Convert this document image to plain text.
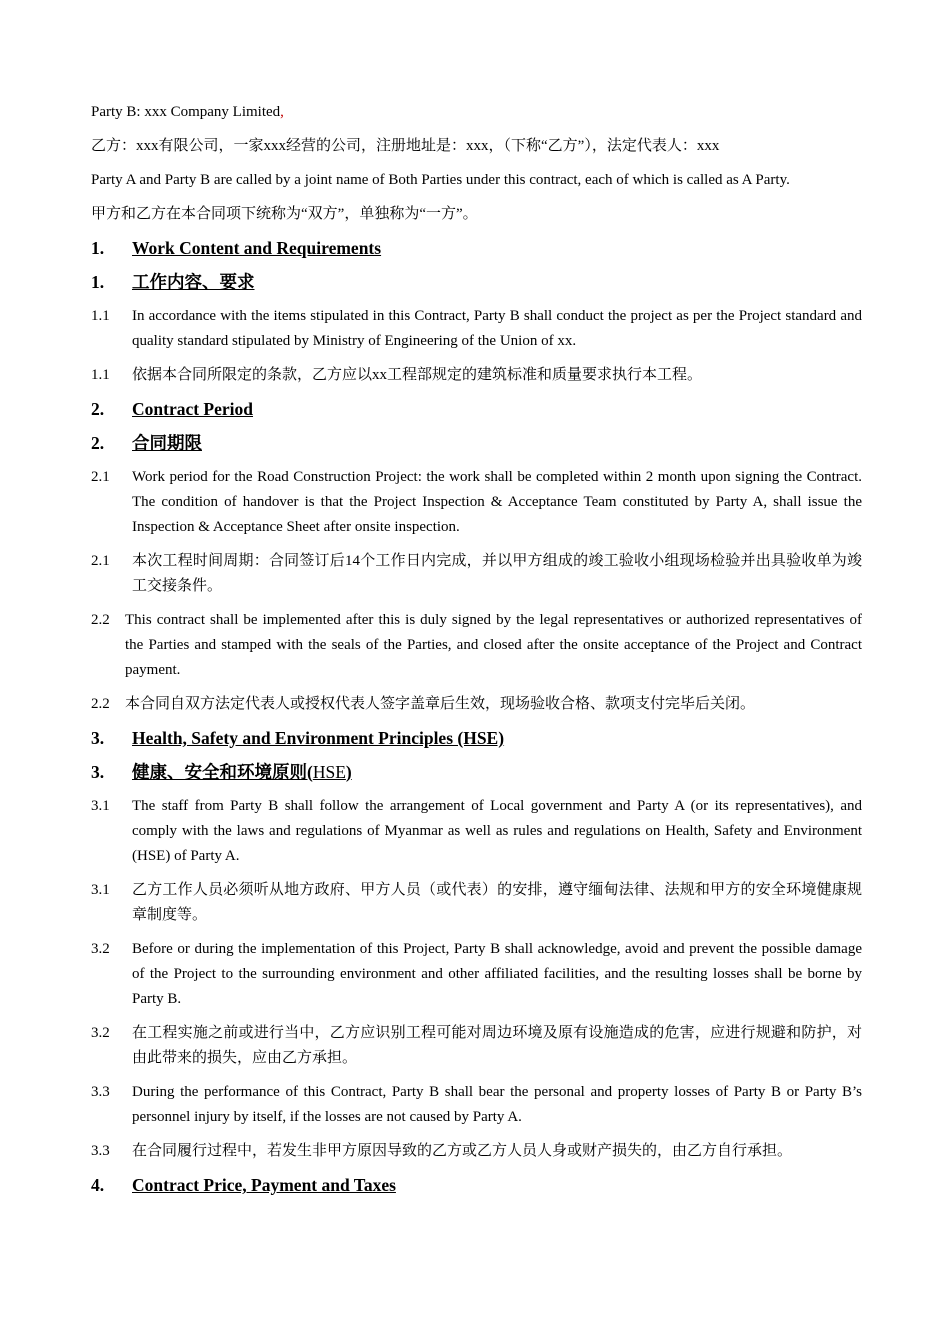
Party B: xxx Company Limited,

乙方：xxx有限公司，一家xxx经营的公司，注册地址是：xxx，（下称“乙方”），法定代表人：xxx

Party A and Party B are called by a joint name of Both Parties under this contract, each of which is called as A Party.

甲方和乙方在本合同项下统称为“双方”，单独称为“一方”。

1.	Work Content and Requirements
1.	工作内容、要求
1.1	In accordance with the items stipulated in this Contract, Party B shall conduct the project as per the Project standard and quality standard stipulated by Ministry of Engineering of the Union of xx.
1.1	依据本合同所限定的条款，乙方应以xx工程部规定的建筑标准和质量要求执行本工程。
2.	Contract Period
2.	合同期限
2.1	Work period for the Road Construction Project: the work shall be completed within 2 month upon signing the Contract. The condition of handover is that the Project Inspection & Acceptance Team constituted by Party A, shall issue the Inspection & Acceptance Sheet after onsite inspection.
2.1	本次工程时间周期：合同签订后14个工作日内完成，并以甲方组成的竣工验收小组现场检验并出具验收单为竣工交接条件。
2.2	This contract shall be implemented after this is duly signed by the legal representatives or authorized representatives of the Parties and stamped with the seals of the Parties, and closed after the onsite acceptance of the Project and Contract payment.
2.2	本合同自双方法定代表人或授权代表人签字盖章后生效，现场验收合格、款项支付完毕后关闭。
3.	Health, Safety and Environment Principles (HSE)
3.	健康、安全和环境原则(HSE)
3.1	The staff from Party B shall follow the arrangement of Local government and Party A (or its representatives), and comply with the laws and regulations of Myanmar as well as rules and regulations on Health, Safety and Environment (HSE) of Party A.
3.1	乙方工作人员必须听从地方政府、甲方人员（或代表）的安排，遵守缅甸法律、法规和甲方的安全环境健康规章制度等。
3.2	Before or during the implementation of this Project, Party B shall acknowledge, avoid and prevent the possible damage of the Project to the surrounding environment and other affiliated facilities, and the resulting losses shall be borne by Party B.
3.2	在工程实施之前或进行当中，乙方应识别工程可能对周边环境及原有设施造成的危害，应进行规避和防护，对由此带来的损失，应由乙方承担。
3.3	During the performance of this Contract, Party B shall bear the personal and property losses of Party B or Party B’s personnel injury by itself, if the losses are not caused by Party A.
3.3	在合同履行过程中，若发生非甲方原因导致的乙方或乙方人员人身或财产损失的，由乙方自行承担。
4.	Contract Price, Payment and Taxes
